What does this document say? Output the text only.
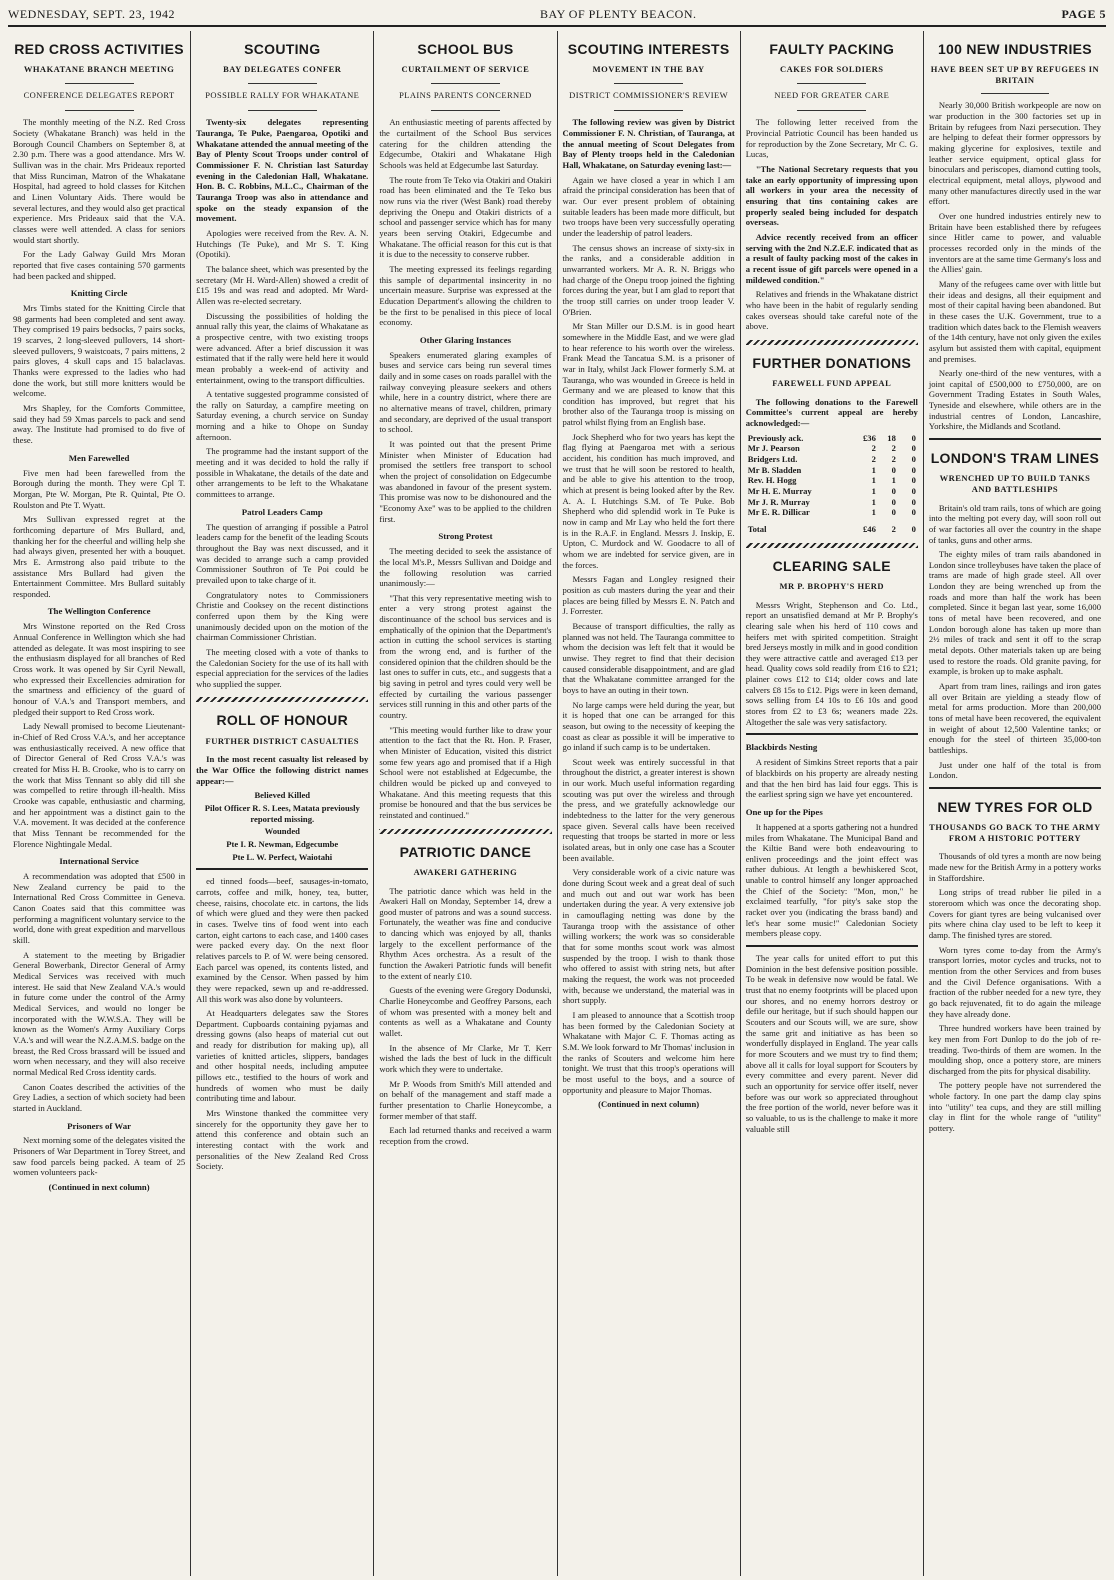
WEDNESDAY, SEPT. 23, 1942	BAY OF PLENTY BEACON.	PAGE 5
RED CROSS ACTIVITIES
WHAKATANE BRANCH MEETING
CONFERENCE DELEGATES REPORT

The monthly meeting of the N.Z. Red Cross Society (Whakatane Branch) was held in the Borough Council Chambers on September 8, at 2.30 p.m. There was a good attendance. Mrs W. Sullivan was in the chair. Mrs Prideaux reported that Miss Runciman, Matron of the Whakatane Hospital, had agreed to hold classes for Kitchen and Linen Voluntary Aids. There would be several lectures, and they would also get practical experience. Mrs Prideaux said that the V.A. classes were well attended. A class for seniors would start shortly.

For the Lady Galway Guild Mrs Moran reported that five cases containing 570 garments had been packed and shipped.

Knitting Circle

Mrs Timbs stated for the Knitting Circle that 98 garments had been completed and sent away. They comprised 19 pairs bedsocks, 7 pairs socks, 19 scarves, 2 long-sleeved pullovers, 14 short-sleeved pullovers, 9 waistcoats, 7 pairs mittens, 2 pairs gloves, 4 skull caps and 15 balaclavas. Thanks were expressed to the ladies who had done the work, but still more knitters would be welcome.

Mrs Shapley, for the Comforts Committee, said they had 59 Xmas parcels to pack and send away. The Institute had promised to do five of these.

Men Farewelled

Five men had been farewelled from the Borough during the month. They were Cpl T. Morgan, Pte W. Morgan, Pte R. Quintal, Pte O. Roulston and Pte T. Wyatt.

Mrs Sullivan expressed regret at the forthcoming departure of Mrs Bullard, and, thanking her for the cheerful and willing help she had always given, presented her with a bouquet. Mrs E. Armstrong also paid tribute to the assistance Mrs Bullard had given the Entertainment Committee. Mrs Bullard suitably responded.

The Wellington Conference

Mrs Winstone reported on the Red Cross Annual Conference in Wellington which she had attended as delegate. It was most inspiring to see the enthusiasm displayed for all branches of Red Cross work. It was opened by Sir Cyril Newall, who expressed their Excellencies admiration for the smartness and efficiency of the guard of honour of V.A.'s and Transport members, and pledged their support to Red Cross work.

Lady Newall promised to become Lieutenant-in-Chief of Red Cross V.A.'s, and her acceptance was enthusiastically received. A new office that of Director General of Red Cross V.A.'s was created for Miss H. B. Crooke, who is to carry on the work that Miss Tennant so ably did till she was compelled to retire through ill-health. Miss Crooke was capable, enthusiastic and charming, and her appointment was a distinct gain to the V.A. movement. It was decided at the conference that Miss Tennant be recommended for the Florence Nightingale Medal.

International Service

A recommendation was adopted that £500 in New Zealand currency be paid to the International Red Cross Committee in Geneva. Canon Coates said that this committee was performing a magnificent voluntary service to the world, done with great expedition and marvellous skill.

A statement to the meeting by Brigadier General Bowerbank, Director General of Army Medical Services was received with much interest. He said that New Zealand V.A.'s would in future come under the control of the Army Medical Services, and would no longer be incorporated with the W.W.S.A. They will be known as the Women's Army Auxiliary Corps V.A.'s and will wear the N.Z.A.M.S. badge on the breast, the Red Cross brassard will be issued and worn when necessary, and they will also receive normal Medical Red Cross identity cards.

Canon Coates described the activities of the Grey Ladies, a section of which society had been started in Auckland.

Prisoners of War

Next morning some of the delegates visited the Prisoners of War Department in Torey Street, and saw food parcels being packed. A team of 25 women volunteers pack-

(Continued in next column)
SCOUTING
BAY DELEGATES CONFER
POSSIBLE RALLY FOR WHAKATANE

Twenty-six delegates representing Tauranga, Te Puke, Paengaroa, Opotiki and Whakatane attended the annual meeting of the Bay of Plenty Scout Troops under control of Commissioner F. N. Christian last Saturday evening in the Caledonian Hall, Whakatane. Hon. B. C. Robbins, M.L.C., Chairman of the Tauranga Troop was also in attendance and spoke on the steady expansion of the movement.

Apologies were received from the Rev. A. N. Hutchings (Te Puke), and Mr S. T. King (Opotiki).

The balance sheet, which was presented by the secretary (Mr H. Ward-Allen) showed a credit of £15 19s and was read and adopted. Mr Ward-Allen was re-elected secretary.

Discussing the possibilities of holding the annual rally this year, the claims of Whakatane as a prospective centre, with two existing troops were advanced. After a brief discussion it was estimated that if the rally were held here it would mean probably a week-end of activity and entertainment, owing to the transport difficulties.

A tentative suggested programme consisted of the rally on Saturday, a campfire meeting on Saturday evening, a church service on Sunday morning and a hike to Ohope on Sunday afternoon.

The programme had the instant support of the meeting and it was decided to hold the rally if possible in Whakatane, the details of the date and other arrangements to be left to the Whakatane committees to arrange.

Patrol Leaders Camp

The question of arranging if possible a Patrol leaders camp for the benefit of the leading Scouts throughout the Bay was next discussed, and it was decided to arrange such a camp provided Commissioner Southron of Te Poi could be prevailed upon to take charge of it.

Congratulatory notes to Commissioners Christie and Cooksey on the recent distinctions conferred upon them by the King were unanimously decided upon on the motion of the chairman Commissioner Christian.

The meeting closed with a vote of thanks to the Caledonian Society for the use of its hall with especial appreciation for the services of the ladies who supplied the supper.

ROLL OF HONOUR
FURTHER DISTRICT CASUALTIES

In the most recent casualty list released by the War Office the following district names appear:—

Believed Killed
Pilot Officer R. S. Lees, Matata previously reported missing.
Wounded
Pte I. R. Newman, Edgecumbe
Pte L. W. Perfect, Waiotahi

ed tinned foods—beef, sausages-in-tomato, carrots, coffee and milk, honey, tea, butter, cheese, raisins, chocolate etc. in cartons, the lids of which were glued and they were then packed in cases. Twelve tins of food went into each carton, eight cartons to each case, and 1400 cases were packed every day. On the next floor relatives parcels to P. of W. were being censored. Each parcel was opened, its contents listed, and examined by the Censor. When passed by him they were repacked, sewn up and re-addressed. All this work was also done by volunteers.

At Headquarters delegates saw the Stores Department. Cupboards containing pyjamas and dressing gowns (also heaps of material cut out and ready for distribution for making up), all varieties of knitted articles, slippers, bandages and other hospital needs, including amputee pillows etc., testified to the hours of work and hundreds of women who must be daily contributing time and labour.

Mrs Winstone thanked the committee very sincerely for the opportunity they gave her to attend this conference and obtain such an interesting contact with the work and personalities of the New Zealand Red Cross Society.

SCHOOL BUS
CURTAILMENT OF SERVICE
PLAINS PARENTS CONCERNED

An enthusiastic meeting of parents affected by the curtailment of the School Bus services catering for the children attending the Edgecumbe, Otakiri and Whakatane High Schools was held at Edgecumbe last Saturday.

The route from Te Teko via Otakiri and Otakiri road has been eliminated and the Te Teko bus now runs via the river (West Bank) road thereby depriving the Onepu and Otakiri districts of a school and passenger service which has for many years been serving Otakiri, Edgecumbe and Whakatane. The official reason for this cut is that it is due to the necessity to conserve rubber.

The meeting expressed its feelings regarding this sample of departmental insincerity in no uncertain measure. Surprise was expressed at the Education Department's allowing the children to be the first to be penalised in this piece of local economy.

Other Glaring Instances

Speakers enumerated glaring examples of buses and service cars being run several times daily and in some cases on roads parallel with the railway conveying pleasure seekers and others while, here in a country district, where there are no alternative means of travel, children, primary and secondary, are deprived of the usual transport to school.

It was pointed out that the present Prime Minister when Minister of Education had promised the settlers free transport to school when the project of consolidation on Edgecumbe was abandoned in favour of the present system. This promise was now to be dishonoured and the "Economy Axe" was to be applied to the children first.

Strong Protest

The meeting decided to seek the assistance of the local M's.P., Messrs Sullivan and Doidge and the following resolution was carried unanimously:—

"That this very representative meeting wish to enter a very strong protest against the discontinuance of the school bus services and is emphatically of the opinion that the Department's action in cutting the school services is starting from the wrong end, and is further of the considered opinion that the children should be the last ones to suffer in cuts, etc., and suggests that a big saving in petrol and tyres could very well be effected by curtailing the various passenger services still running in this and other parts of the country.

"This meeting would further like to draw your attention to the fact that the Rt. Hon. P. Fraser, when Minister of Education, visited this district some few years ago and promised that if a High School were not established at Edgecumbe, the children would be picked up and conveyed to Whakatane. And this meeting requests that this promise be honoured and that the bus services be reinstated and continued."

PATRIOTIC DANCE
AWAKERI GATHERING

The patriotic dance which was held in the Awakeri Hall on Monday, September 14, drew a good muster of patrons and was a sound success. Fortunately, the weather was fine and conducive to dancing which was enjoyed by all, thanks largely to the excellent performance of the Rhythm Aces orchestra. As a result of the function the Awakeri Patriotic funds will benefit to the extent of nearly £10.

Guests of the evening were Gregory Dodunski, Charlie Honeycombe and Geoffrey Parsons, each of whom was presented with a money belt and contents as well as a Whakatane and County wallet.

In the absence of Mr Clarke, Mr T. Kerr wished the lads the best of luck in the difficult work which they were to undertake.

Mr P. Woods from Smith's Mill attended and on behalf of the management and staff made a further presentation to Charlie Honeycombe, a former member of that staff.

Each lad returned thanks and received a warm reception from the crowd.

SCOUTING INTERESTS
MOVEMENT IN THE BAY
DISTRICT COMMISSIONER'S REVIEW

The following review was given by District Commissioner F. N. Christian, of Tauranga, at the annual meeting of Scout Delegates from Bay of Plenty troops held in the Caledonian Hall, Whakatane, on Saturday evening last:—

Again we have closed a year in which I am afraid the principal consideration has been that of war. Our ever present problem of obtaining suitable leaders has been made more difficult, but two troops have been very successfully operating under the leadership of patrol leaders.

The census shows an increase of sixty-six in the ranks, and a considerable addition in unwarranted workers. Mr A. R. N. Briggs who had charge of the Onepu troop joined the fighting forces during the year, but I am glad to report that the troop still carries on under troop leader V. O'Brien.

Mr Stan Miller our D.S.M. is in good heart somewhere in the Middle East, and we were glad to hear reference to his worth over the wireless. Frank Mead the Tancatua S.M. is a prisoner of war in Italy, whilst Jack Flower formerly S.M. at Tauranga, who was wounded in Greece is held in Germany and we are pleased to know that this condition has improved, but regret that his brother also of the Tauranga troop is missing on patrol whilst flying from an English base.

Jock Shepherd who for two years has kept the flag flying at Paengaroa met with a serious accident, his condition has much improved, and we trust that he will soon be restored to health, and be able to give his attention to the troop, which at present is being looked after by the Rev. A. A. I. Hutchings S.M. of Te Puke. Bob Shepherd who did splendid work in Te Puke is now in camp and Mr Lay who held the fort there is in the R.A.F. in England. Messrs J. Inskip, E. Upton, C. Murdock and W. Goodacre to all of whom we are indebted for service given, are in the forces.

Messrs Fagan and Longley resigned their position as cub masters during the year and their places are being filled by Messrs E. N. Patch and J. Forrester.

Because of transport difficulties, the rally as planned was not held. The Tauranga committee to whom the decision was left felt that it would be unwise. They regret to find that their decision caused considerable disappointment, and are glad that the Whakatane committee arranged for the boys to have an outing in their town.

No large camps were held during the year, but it is hoped that one can be arranged for this season, but owing to the necessity of keeping the coast as clear as possible it will be imperative to go inland if such camp is to be undertaken.

Scout week was entirely successful in that throughout the district, a greater interest is shown in our work. Much useful information regarding scouting was put over the wireless and through the press, and we gratefully acknowledge our indebtedness to the latter for the very generous space given. Several calls have been received requesting that troops be started in more or less isolated areas, but in only one case has a Scouter been available.

Very considerable work of a civic nature was done during Scout week and a great deal of such and much out and out war work has been undertaken during the year. A very extensive job in camouflaging netting was done by the Tauranga troop with the assistance of other willing workers; the work was so considerable that for some months scout work was almost suspended by the troop. I wish to thank those who offered to assist with string nets, but after making the request, the work was not proceeded with, because we understand, the material was in short supply.

I am pleased to announce that a Scottish troop has been formed by the Caledonian Society at Whakatane with Major C. F. Thomas acting as S.M. We look forward to Mr Thomas' inclusion in the ranks of Scouters and welcome him here tonight. We trust that this troop's operations will be most useful to the boys, and a source of opportunity and pleasure to Major Thomas.

(Continued in next column)
FAULTY PACKING
CAKES FOR SOLDIERS
NEED FOR GREATER CARE

The following letter received from the Provincial Patriotic Council has been handed us for reproduction by the Zone Secretary, Mr C. G. Lucas,

"The National Secretary requests that you take an early opportunity of impressing upon all workers in your area the necessity of ensuring that tins containing cakes are properly sealed being included for despatch overseas.

Advice recently received from an officer serving with the 2nd N.Z.E.F. indicated that as a result of faulty packing most of the cakes in a recent issue of gift parcels were opened in a mildewed condition."

Relatives and friends in the Whakatane district who have been in the habit of regularly sending cakes overseas should take careful note of the above.

FURTHER DONATIONS
FAREWELL FUND APPEAL

The following donations to the Farewell Committee's current appeal are hereby acknowledged:—

Previously ack.	£36	18	0
Mr J. Pearson	2	2	0
Bridgers Ltd.	2	2	0
Mr B. Sladden	1	0	0
Rev. H. Hogg	1	1	0
Mr H. E. Murray	1	0	0
Mr J. R. Murray	1	0	0
Mr E. R. Dillicar	1	0	0
Total	£46	2	0
CLEARING SALE
MR P. BROPHY'S HERD

Messrs Wright, Stephenson and Co. Ltd., report an unsatisfied demand at Mr P. Brophy's clearing sale when his herd of 110 cows and heifers met with spirited competition. Straight bred Jerseys mostly in milk and in good condition they were attractive cattle and averaged £13 per head. Quality cows sold readily from £16 to £21; plainer cows £12 to £14; older cows and late calvers £8 15s to £12. Pigs were in keen demand, sows selling from £4 10s to £6 10s and good stores from £2 to £3 6s; weaners made 22s. Altogether the sale was very satisfactory.

Blackbirds Nesting

A resident of Simkins Street reports that a pair of blackbirds on his property are already nesting and that the hen bird has laid four eggs. This is the earliest spring sign we have yet encountered.

One up for the Pipes

It happened at a sports gathering not a hundred miles from Whakatane. The Municipal Band and the Kiltie Band were both endeavouring to enliven proceedings and the joint effect was rather dubious. At length a bewhiskered Scot, unable to control himself any longer approached the Chief of the Society: "Mon, mon," he exclaimed tearfully, "for pity's sake stop the racket over you (indicating the brass band) and let's hear some music!" Caledonian Society members please copy.

The year calls for united effort to put this Dominion in the best defensive position possible. To be weak in defensive now would be fatal. We trust that no enemy footprints will be placed upon our shores, and no enemy horrors destroy or defile our heritage, but if such should happen our Scouters and our Scouts will, we are sure, show the same grit and initiative as has been so wonderfully displayed in England. The year calls for more Scouters and we must try to find them; above all it calls for loyal support for Scouters by every committee and every parent. Never did such an opportunity for service offer itself, never before was our work so appreciated throughout the free portion of the world, never before was it so valuable, to us is the challenge to make it more valuable still

100 NEW INDUSTRIES
HAVE BEEN SET UP BY REFUGEES IN BRITAIN

Nearly 30,000 British workpeople are now on war production in the 300 factories set up in Britain by refugees from Nazi persecution. They are helping to defeat their former oppressors by making glycerine for explosives, textile and leather service equipment, optical glass for binoculars and periscopes, diamond cutting tools, electrical equipment, metal alloys, plywood and many other manufactures directly used in the war effort.

Over one hundred industries entirely new to Britain have been established there by refugees since Hitler came to power, and valuable processes recorded only in the minds of the inventors are at the same time Germany's loss and the Allies' gain.

Many of the refugees came over with little but their ideas and designs, all their equipment and most of their capital having been abandoned. But in these cases the U.K. Government, true to a tradition which dates back to the Flemish weavers of the 14th century, have not only given the exiles asylum but assisted them with capital, equipment and premises.

Nearly one-third of the new ventures, with a joint capital of £500,000 to £750,000, are on Government Trading Estates in South Wales, Tyneside and elsewhere, while others are in the industrial centres of London, Lancashire, Yorkshire, the Midlands and Scotland.

LONDON'S TRAM LINES
WRENCHED UP TO BUILD TANKS AND BATTLESHIPS

Britain's old tram rails, tons of which are going into the melting pot every day, will soon roll out of war factories all over the country in the shape of tanks, guns and other arms.

The eighty miles of tram rails abandoned in London since trolleybuses have taken the place of trams are made of high grade steel. All over London they are being wrenched up from the roads and more than half the work has been completed. Since it began last year, some 16,000 tons of metal have been recovered, and one London borough alone has taken up more than 2½ miles of track and sent it off to the scrap metal depots. Other materials taken up are being used to restore the roads. Old granite paving, for example, is broken up to make asphalt.

Apart from tram lines, railings and iron gates all over Britain are yielding a steady flow of metal for arms production. More than 200,000 tons of metal have been recovered, the equivalent in weight of about 12,500 Valentine tanks; or enough for the steel of thirteen 35,000-ton battleships.

Just under one half of the total is from London.

NEW TYRES FOR OLD
THOUSANDS GO BACK TO THE ARMY FROM A HISTORIC POTTERY

Thousands of old tyres a month are now being made new for the British Army in a pottery works in Staffordshire.

Long strips of tread rubber lie piled in a storeroom which was once the decorating shop. Covers for giant tyres are being vulcanised over pits where china clay used to be left to keep it damp. The finished tyres are stored.

Worn tyres come to-day from the Army's transport lorries, motor cycles and trucks, not to mention from the other Services and from buses and the Civil Defence organisations. With a fraction of the rubber needed for a new tyre, they go back rejuvenated, fit to do again the mileage they have already done.

Three hundred workers have been trained by key men from Fort Dunlop to do the job of re-treading. Two-thirds of them are women. In the moulding shop, once a pottery store, are miners discharged from the pits for physical disability.

The pottery people have not surrendered the whole factory. In one part the damp clay spins into "utility" tea cups, and they are still milling clay in flint for the whole range of "utility" pottery.
